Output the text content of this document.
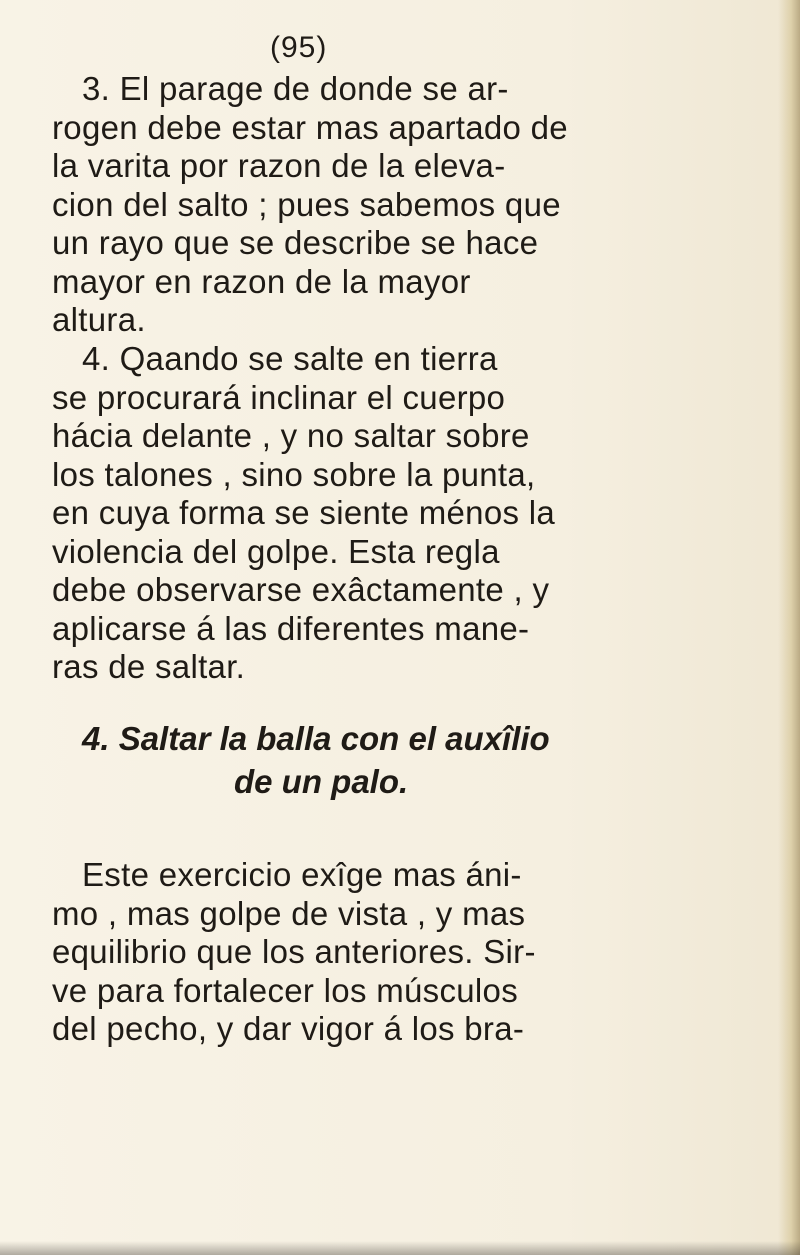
(95)
3. El parage de donde se ar-
rogen debe estar mas apartado de
la varita por razon de la eleva-
cion del salto ; pues sabemos que
un rayo que se describe se hace
mayor en razon de la mayor
altura.
4. Qaando se salte en tierra
se procurará inclinar el cuerpo
hácia delante , y no saltar sobre
los talones , sino sobre la punta,
en cuya forma se siente ménos la
violencia del golpe. Esta regla
debe observarse exâctamente , y
aplicarse á las diferentes mane-
ras de saltar.
4. Saltar la balla con el auxîlio
de un palo.
Este exercicio exîge mas áni-
mo , mas golpe de vista , y mas
equilibrio que los anteriores. Sir-
ve para fortalecer los músculos
del pecho, y dar vigor á los bra-
